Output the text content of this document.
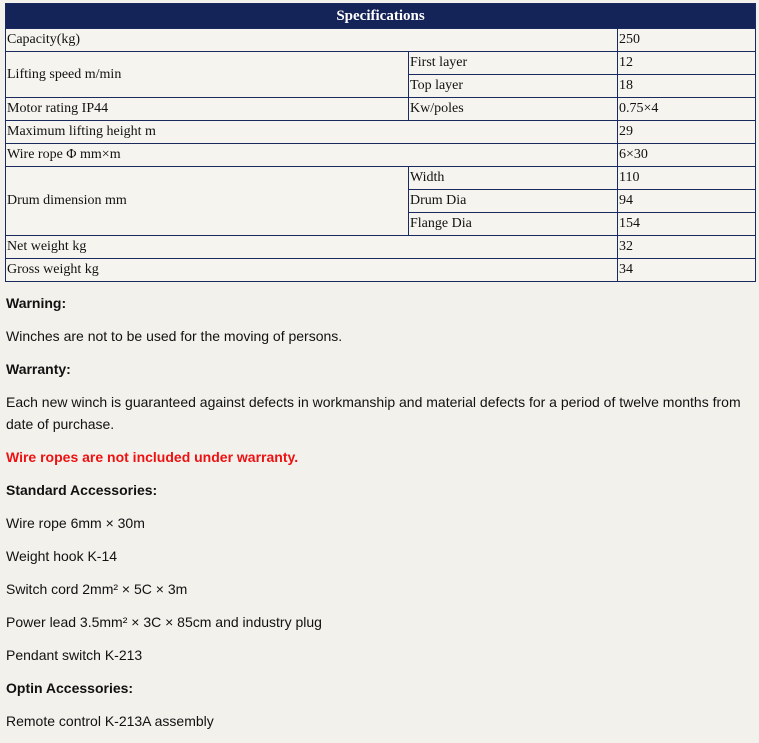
Specifications		
Capacity(kg)		250
Lifting speed m/min	First layer	12
	Top layer	18
Motor rating IP44	Kw/poles	0.75×4
Maximum lifting height m		29
Wire rope Φ mm×m		6×30
Drum dimension mm	Width	110
	Drum Dia	94
	Flange Dia	154
Net weight kg		32
Gross weight kg		34

Warning:

Winches are not to be used for the moving of persons.

Warranty:

Each new winch is guaranteed against defects in workmanship and material defects for a period of twelve months from date of purchase.

Wire ropes are not included under warranty.

Standard Accessories:

Wire rope 6mm × 30m

Weight hook K-14

Switch cord 2mm² × 5C × 3m

Power lead 3.5mm² × 3C × 85cm and industry plug

Pendant switch K-213

Optin Accessories:

Remote control K-213A assembly
